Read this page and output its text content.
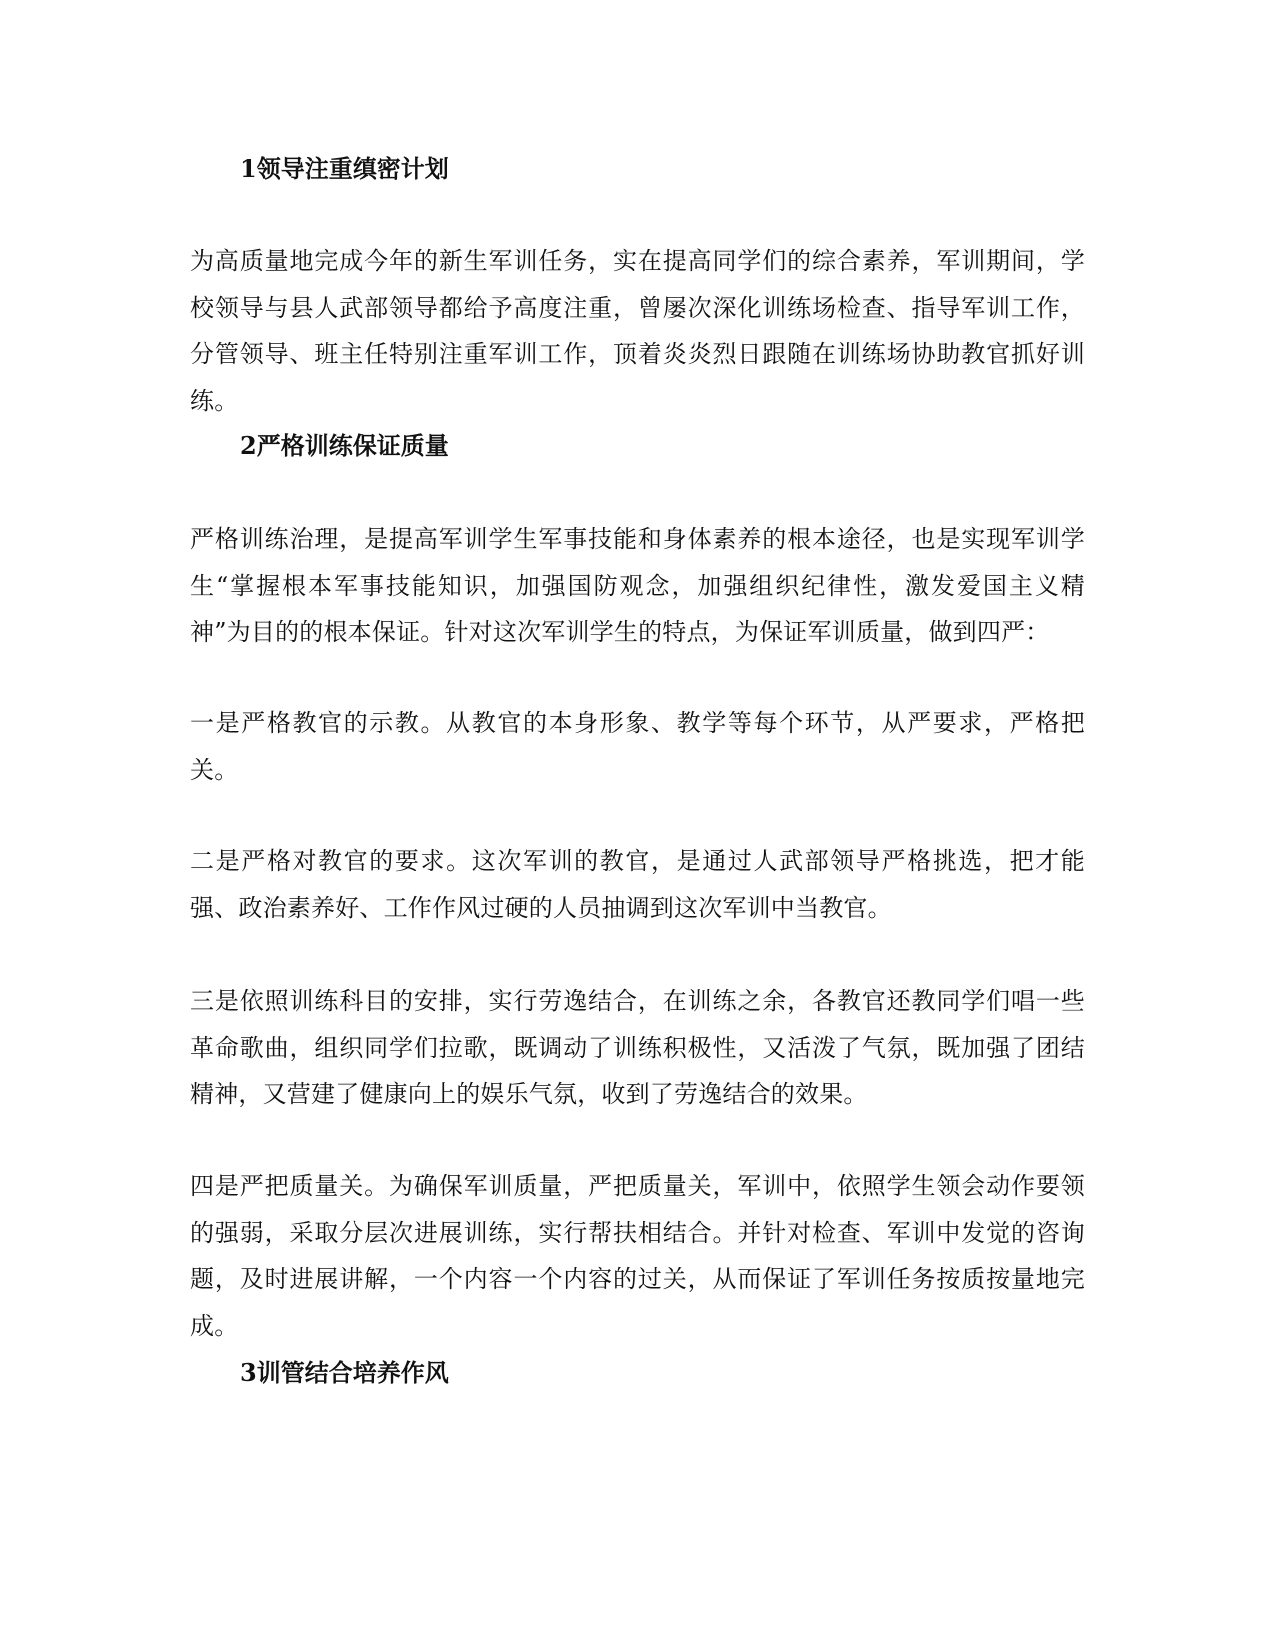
1领导注重缜密计划

为高质量地完成今年的新生军训任务，实在提高同学们的综合素养，军训期间，学校领导与县人武部领导都给予高度注重，曾屡次深化训练场检查、指导军训工作，分管领导、班主任特别注重军训工作，顶着炎炎烈日跟随在训练场协助教官抓好训练。

2严格训练保证质量

严格训练治理，是提高军训学生军事技能和身体素养的根本途径，也是实现军训学生“掌握根本军事技能知识，加强国防观念，加强组织纪律性，激发爱国主义精神”为目的的根本保证。针对这次军训学生的特点，为保证军训质量，做到四严：

一是严格教官的示教。从教官的本身形象、教学等每个环节，从严要求，严格把关。

二是严格对教官的要求。这次军训的教官，是通过人武部领导严格挑选，把才能强、政治素养好、工作作风过硬的人员抽调到这次军训中当教官。

三是依照训练科目的安排，实行劳逸结合，在训练之余，各教官还教同学们唱一些革命歌曲，组织同学们拉歌，既调动了训练积极性，又活泼了气氛，既加强了团结精神，又营建了健康向上的娱乐气氛，收到了劳逸结合的效果。

四是严把质量关。为确保军训质量，严把质量关，军训中，依照学生领会动作要领的强弱，采取分层次进展训练，实行帮扶相结合。并针对检查、军训中发觉的咨询题，及时进展讲解，一个内容一个内容的过关，从而保证了军训任务按质按量地完成。

3训管结合培养作风
